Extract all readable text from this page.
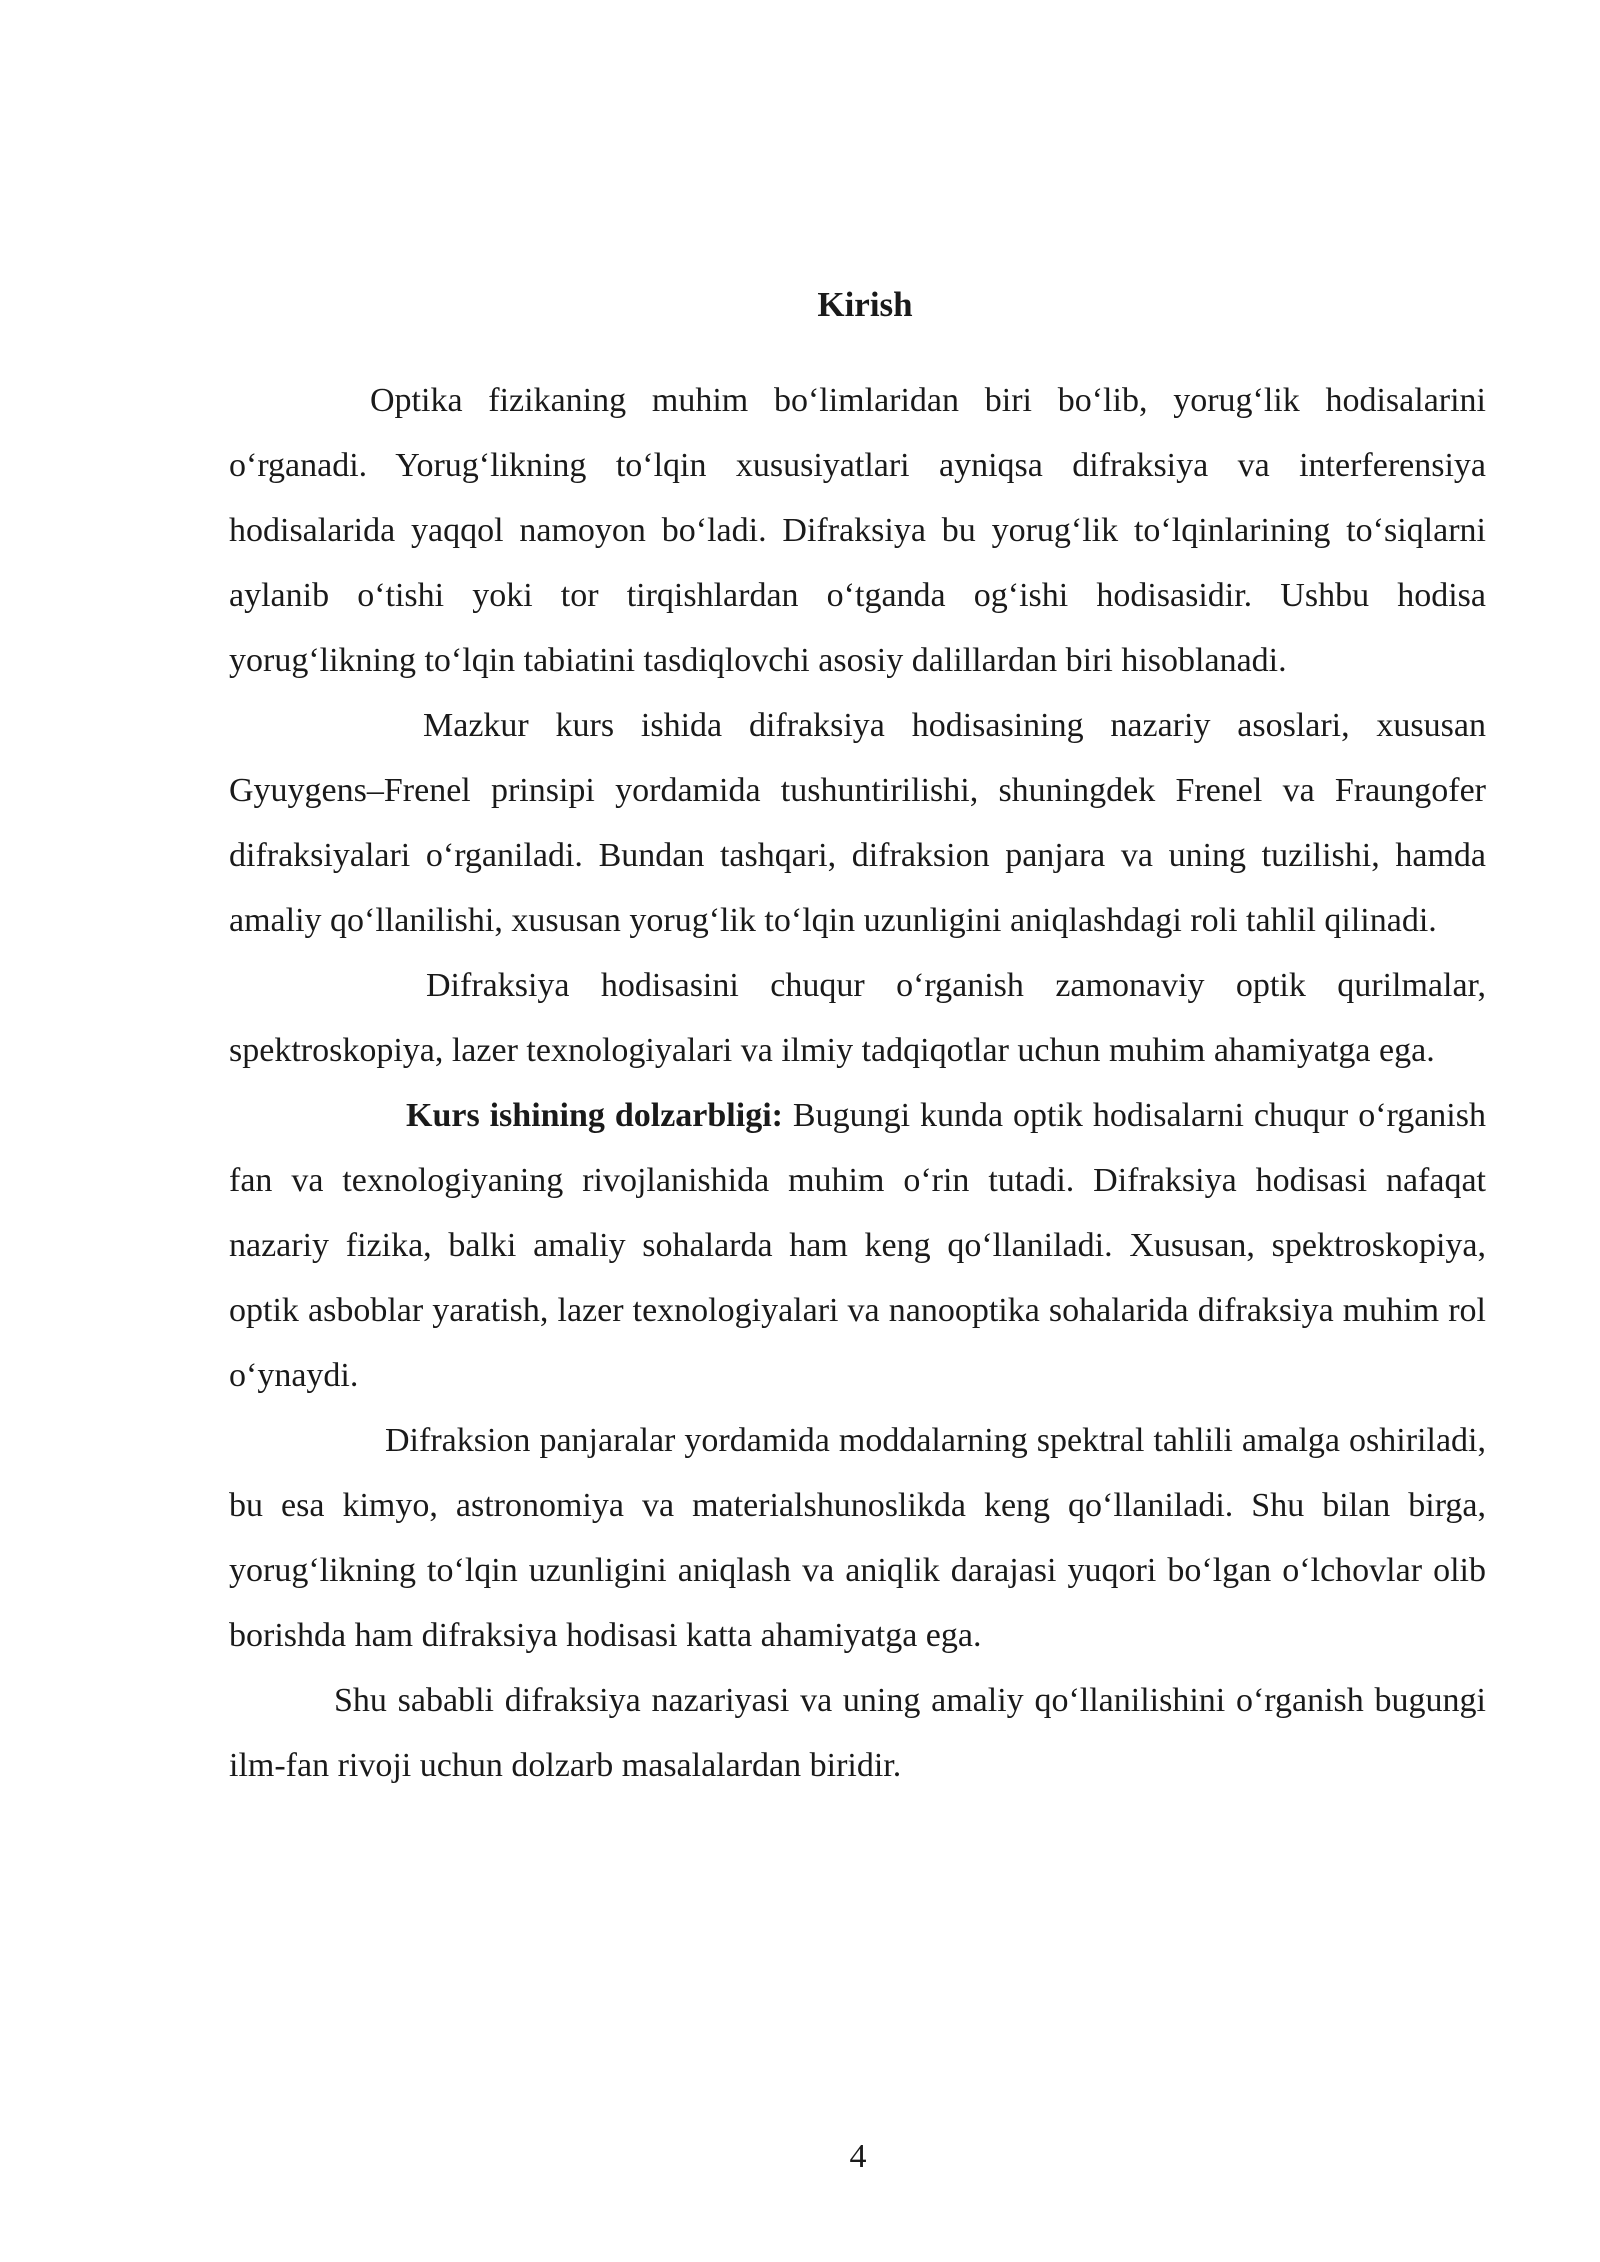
Kirish

Optika fizikaning muhim bo‘limlaridan biri bo‘lib, yorug‘lik hodisalarini o‘rganadi. Yorug‘likning to‘lqin xususiyatlari ayniqsa difraksiya va interferensiya hodisalarida yaqqol namoyon bo‘ladi. Difraksiya bu yorug‘lik to‘lqinlarining to‘siqlarni aylanib o‘tishi yoki tor tirqishlardan o‘tganda og‘ishi hodisasidir. Ushbu hodisa yorug‘likning to‘lqin tabiatini tasdiqlovchi asosiy dalillardan biri hisoblanadi.

Mazkur kurs ishida difraksiya hodisasining nazariy asoslari, xususan Gyuygens–Frenel prinsipi yordamida tushuntirilishi, shuningdek Frenel va Fraungofer difraksiyalari o‘rganiladi. Bundan tashqari, difraksion panjara va uning tuzilishi, hamda amaliy qo‘llanilishi, xususan yorug‘lik to‘lqin uzunligini aniqlashdagi roli tahlil qilinadi.

Difraksiya hodisasini chuqur o‘rganish zamonaviy optik qurilmalar, spektroskopiya, lazer texnologiyalari va ilmiy tadqiqotlar uchun muhim ahamiyatga ega.

Kurs ishining dolzarbligi: Bugungi kunda optik hodisalarni chuqur o‘rganish fan va texnologiyaning rivojlanishida muhim o‘rin tutadi. Difraksiya hodisasi nafaqat nazariy fizika, balki amaliy sohalarda ham keng qo‘llaniladi. Xususan, spektroskopiya, optik asboblar yaratish, lazer texnologiyalari va nanooptika sohalarida difraksiya muhim rol o‘ynaydi.

Difraksion panjaralar yordamida moddalarning spektral tahlili amalga oshiriladi, bu esa kimyo, astronomiya va materialshunoslikda keng qo‘llaniladi. Shu bilan birga, yorug‘likning to‘lqin uzunligini aniqlash va aniqlik darajasi yuqori bo‘lgan o‘lchovlar olib borishda ham difraksiya hodisasi katta ahamiyatga ega.

Shu sababli difraksiya nazariyasi va uning amaliy qo‘llanilishini o‘rganish bugungi ilm-fan rivoji uchun dolzarb masalalardan biridir.

4
